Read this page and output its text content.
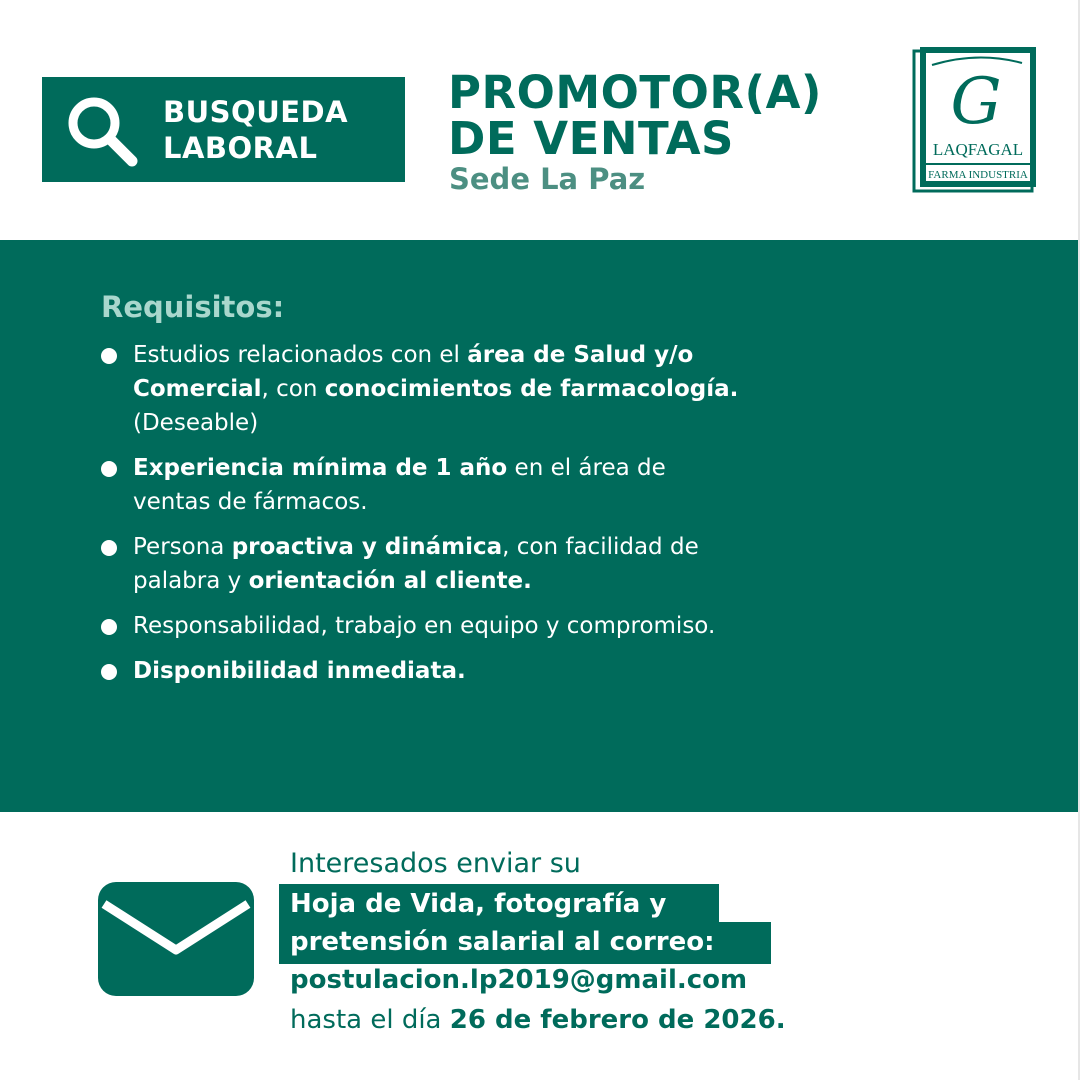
BUSQUEDA
LABORAL
PROMOTOR(A)
DE VENTAS
Sede La Paz
G
LAQFAGAL
FARMA INDUSTRIA
Requisitos:
Estudios relacionados con el área de Salud y/o Comercial, con conocimientos de farmacología. (Deseable)
Experiencia mínima de 1 año en el área de ventas de fármacos.
Persona proactiva y dinámica, con facilidad de palabra y orientación al cliente.
Responsabilidad, trabajo en equipo y compromiso.
Disponibilidad inmediata.
Interesados enviar su
Hoja de Vida, fotografía y
pretensión salarial al correo:
postulacion.lp2019@gmail.com
hasta el día 26 de febrero de 2026.
